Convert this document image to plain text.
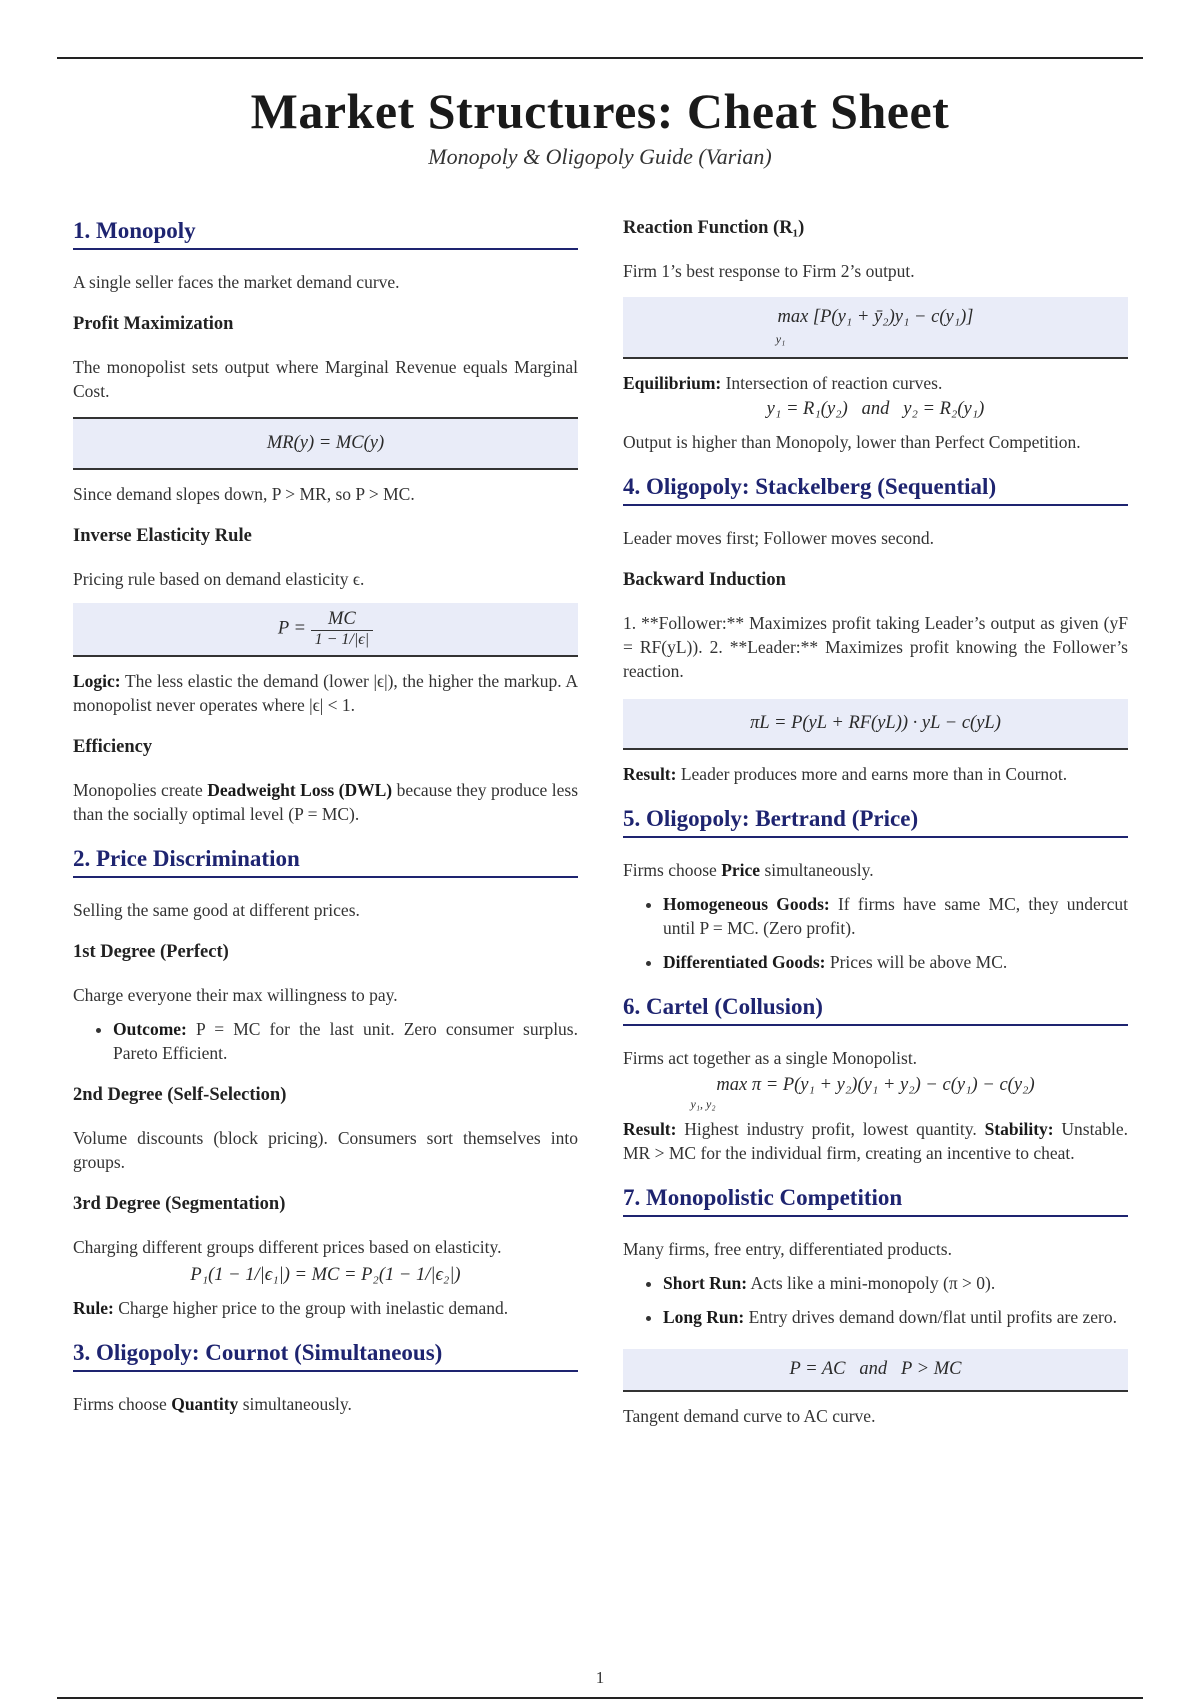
Market Structures: Cheat Sheet
Monopoly & Oligopoly Guide (Varian)
1. Monopoly

A single seller faces the market demand curve.

Profit Maximization

The monopolist sets output where Marginal Revenue equals Marginal Cost.

MR(y) = MC(y)

Since demand slopes down, P > MR, so P > MC.

Inverse Elasticity Rule

Pricing rule based on demand elasticity ϵ.

$P = \frac{MC}{1 - 1/|\epsilon|}$

Logic: The less elastic the demand (lower |ϵ|), the higher the markup. A monopolist never operates where |ϵ| < 1.

Efficiency

Monopolies create Deadweight Loss (DWL) because they produce less than the socially optimal level (P = MC).

2. Price Discrimination

Selling the same good at different prices.

1st Degree (Perfect)

Charge everyone their max willingness to pay.

• Outcome: P = MC for the last unit. Zero consumer surplus. Pareto Efficient.
2nd Degree (Self-Selection)

Volume discounts (block pricing). Consumers sort themselves into groups.

3rd Degree (Segmentation)

Charging different groups different prices based on elasticity.

P₁(1 − 1/|ϵ₁|) = MC = P₂(1 − 1/|ϵ₂|)

Rule: Charge higher price to the group with inelastic demand.

3. Oligopoly: Cournot (Simultaneous)

Firms choose Quantity simultaneously.

Reaction Function (R₁)

Firm 1’s best response to Firm 2’s output.

max [P(y₁ + ȳ₂)y₁ − c(y₁)]
y₁

Equilibrium: Intersection of reaction curves.

y₁ = R₁(y₂)   and   y₂ = R₂(y₁)

Output is higher than Monopoly, lower than Perfect Competition.

4. Oligopoly: Stackelberg (Sequential)

Leader moves first; Follower moves second.

Backward Induction

1. **Follower:** Maximizes profit taking Leader’s output as given (yF = RF(yL)). 2. **Leader:** Maximizes profit knowing the Follower’s reaction.

πL = P(yL + RF(yL)) · yL − c(yL)

Result: Leader produces more and earns more than in Cournot.

5. Oligopoly: Bertrand (Price)

Firms choose Price simultaneously.

• Homogeneous Goods: If firms have same MC, they undercut until P = MC. (Zero profit).
• Differentiated Goods: Prices will be above MC.
6. Cartel (Collusion)

Firms act together as a single Monopolist.

max π = P(y₁ + y₂)(y₁ + y₂) − c(y₁) − c(y₂)
y₁, y₂

Result: Highest industry profit, lowest quantity. Stability: Unstable. MR > MC for the individual firm, creating an incentive to cheat.

7. Monopolistic Competition

Many firms, free entry, differentiated products.

• Short Run: Acts like a mini-monopoly (π > 0).
• Long Run: Entry drives demand down/flat until profits are zero.
P = AC   and   P > MC

Tangent demand curve to AC curve.

1
